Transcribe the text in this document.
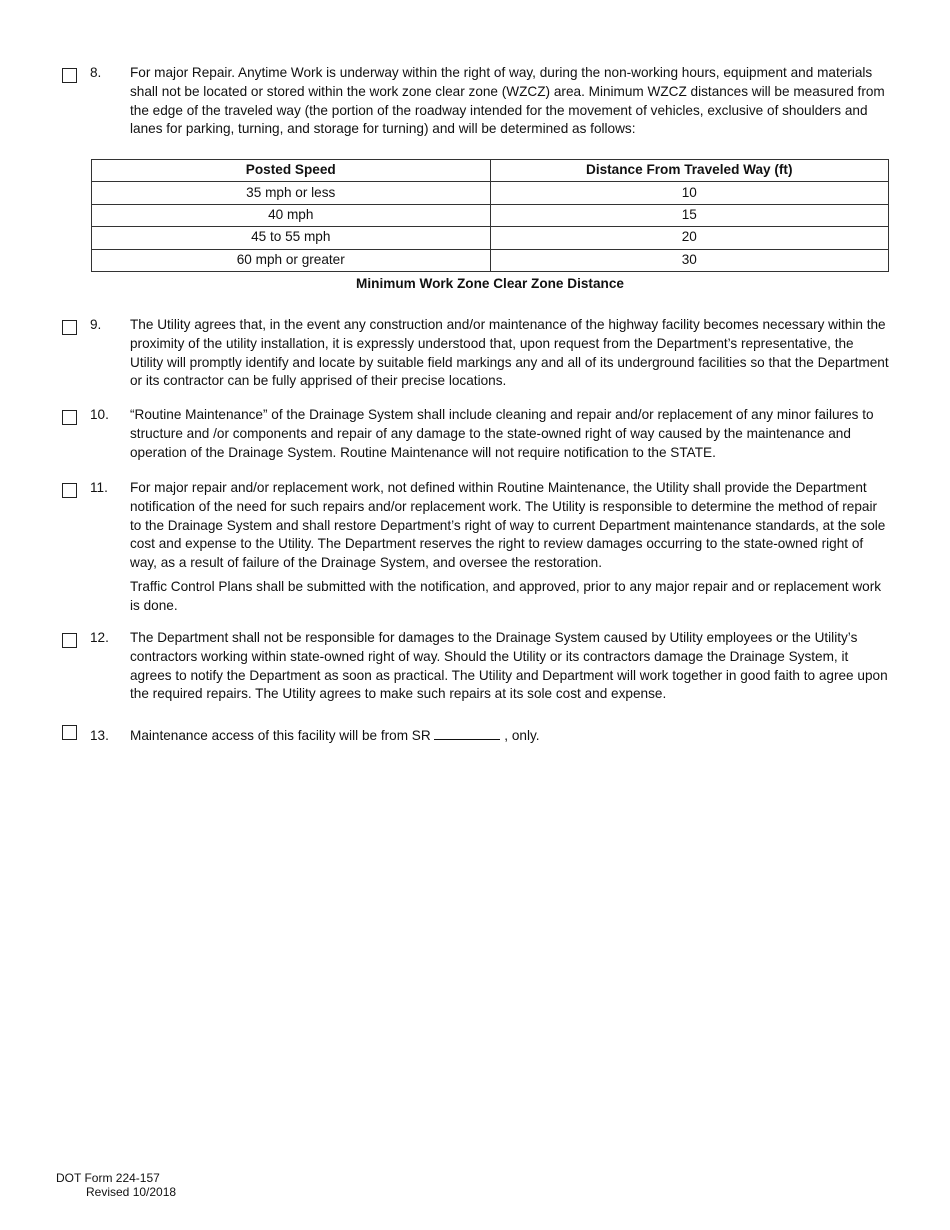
8. For major Repair. Anytime Work is underway within the right of way, during the non-working hours, equipment and materials shall not be located or stored within the work zone clear zone (WZCZ) area. Minimum WZCZ distances will be measured from the edge of the traveled way (the portion of the roadway intended for the movement of vehicles, exclusive of shoulders and lanes for parking, turning, and storage for turning) and will be determined as follows:

Posted Speed	Distance From Traveled Way (ft)
35 mph or less	10
40 mph	15
45 to 55 mph	20
60 mph or greater	30
Minimum Work Zone Clear Zone Distance
9. The Utility agrees that, in the event any construction and/or maintenance of the highway facility becomes necessary within the proximity of the utility installation, it is expressly understood that, upon request from the Department’s representative, the Utility will promptly identify and locate by suitable field markings any and all of its underground facilities so that the Department or its contractor can be fully apprised of their precise locations.

10. “Routine Maintenance” of the Drainage System shall include cleaning and repair and/or replacement of any minor failures to structure and /or components and repair of any damage to the state-owned right of way caused by the maintenance and operation of the Drainage System. Routine Maintenance will not require notification to the STATE.

11. For major repair and/or replacement work, not defined within Routine Maintenance, the Utility shall provide the Department notification of the need for such repairs and/or replacement work. The Utility is responsible to determine the method of repair to the Drainage System and shall restore Department’s right of way to current Department maintenance standards, at the sole cost and expense to the Utility. The Department reserves the right to review damages occurring to the state-owned right of way, as a result of failure of the Drainage System, and oversee the restoration.

Traffic Control Plans shall be submitted with the notification, and approved, prior to any major repair and or replacement work is done.

12. The Department shall not be responsible for damages to the Drainage System caused by Utility employees or the Utility’s contractors working within state-owned right of way. Should the Utility or its contractors damage the Drainage System, it agrees to notify the Department as soon as practical. The Utility and Department will work together in good faith to agree upon the required repairs. The Utility agrees to make such repairs at its sole cost and expense.

13. Maintenance access of this facility will be from SR	, only.
DOT Form 224-157
Revised 10/2018
